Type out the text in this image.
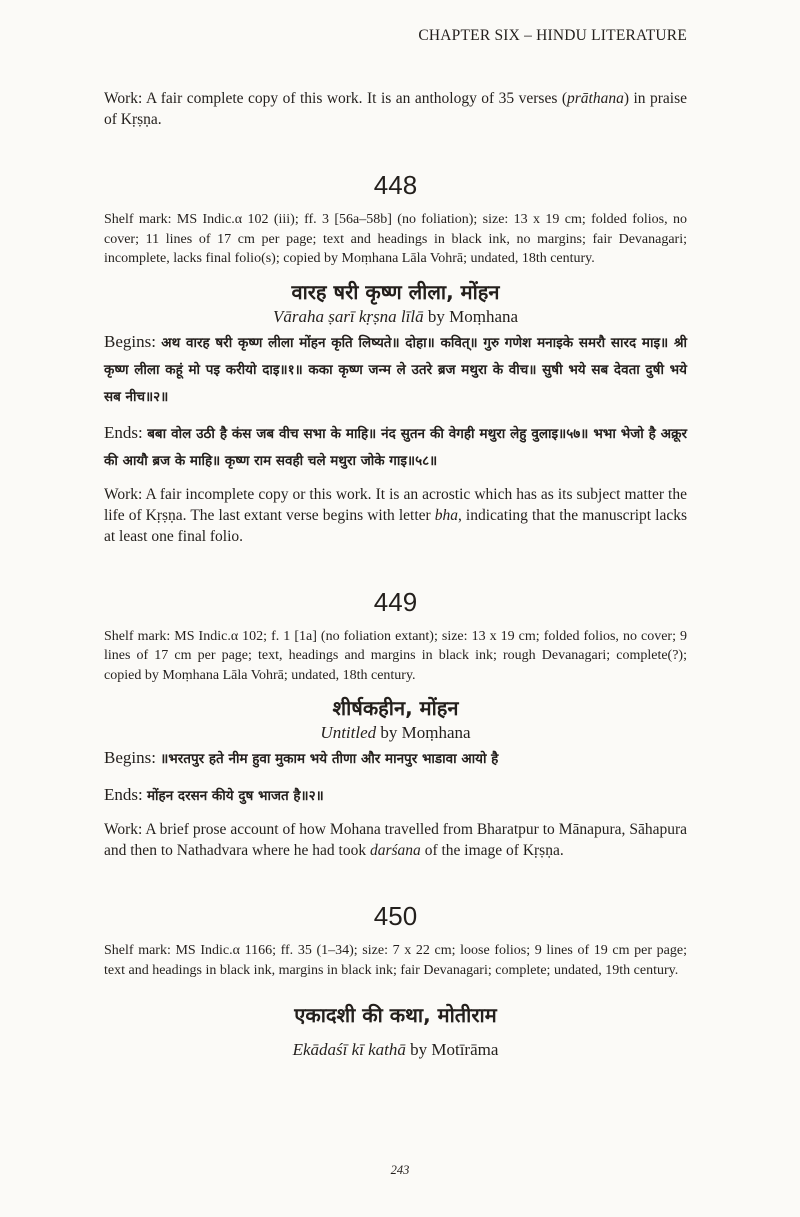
CHAPTER SIX – HINDU LITERATURE

Work: A fair complete copy of this work. It is an anthology of 35 verses (prāthana) in praise of Kṛṣṇa.

448

Shelf mark: MS Indic.α 102 (iii); ff. 3 [56a–58b] (no foliation); size: 13 x 19 cm; folded folios, no cover; 11 lines of 17 cm per page; text and headings in black ink, no margins; fair Devanagari; incomplete, lacks final folio(s); copied by Moṃhana Lāla Vohrā; undated, 18th century.

वारह षरी कृष्ण लीला, मोंहन
Vāraha ṣarī kṛṣna līlā by Moṃhana

Begins: अथ वारह षरी कृष्ण लीला मोंहन कृति लिष्यते॥ दोहा॥ कवित्॥ गुरु गणेश मनाइके समरौ सारद माइ॥ श्री कृष्ण लीला कहूं मो पइ करीयो दाइ॥१॥ कका कृष्ण जन्म ले उतरे ब्रज मथुरा के वीच॥ सुषी भये सब देवता दुषी भये सब नीच॥२॥

Ends: बबा वोल उठी है कंस जब वीच सभा के माहि॥ नंद सुतन की वेगही मथुरा लेहु वुलाइ॥५७॥ भभा भेजो है अक्रूर की आयौ ब्रज के माहि॥ कृष्ण राम सवही चले मथुरा जोके गाइ॥५८॥

Work: A fair incomplete copy or this work. It is an acrostic which has as its subject matter the life of Kṛṣṇa. The last extant verse begins with letter bha, indicating that the manuscript lacks at least one final folio.

449

Shelf mark: MS Indic.α 102; f. 1 [1a] (no foliation extant); size: 13 x 19 cm; folded folios, no cover; 9 lines of 17 cm per page; text, headings and margins in black ink; rough Devanagari; complete(?); copied by Moṃhana Lāla Vohrā; undated, 18th century.

शीर्षकहीन, मोंहन
Untitled by Moṃhana

Begins: ॥भरतपुर हते नीम हुवा मुकाम भये तीणा और मानपुर भाडावा आयो है

Ends: मोंहन दरसन कीये दुष भाजत है॥२॥

Work: A brief prose account of how Mohana travelled from Bharatpur to Mānapura, Sāhapura and then to Nathadvara where he had took darśana of the image of Kṛṣṇa.

450

Shelf mark: MS Indic.α 1166; ff. 35 (1–34); size: 7 x 22 cm; loose folios; 9 lines of 19 cm per page; text and headings in black ink, margins in black ink; fair Devanagari; complete; undated, 19th century.

एकादशी की कथा, मोतीराम
Ekādaśī kī kathā by Motīrāma
243
